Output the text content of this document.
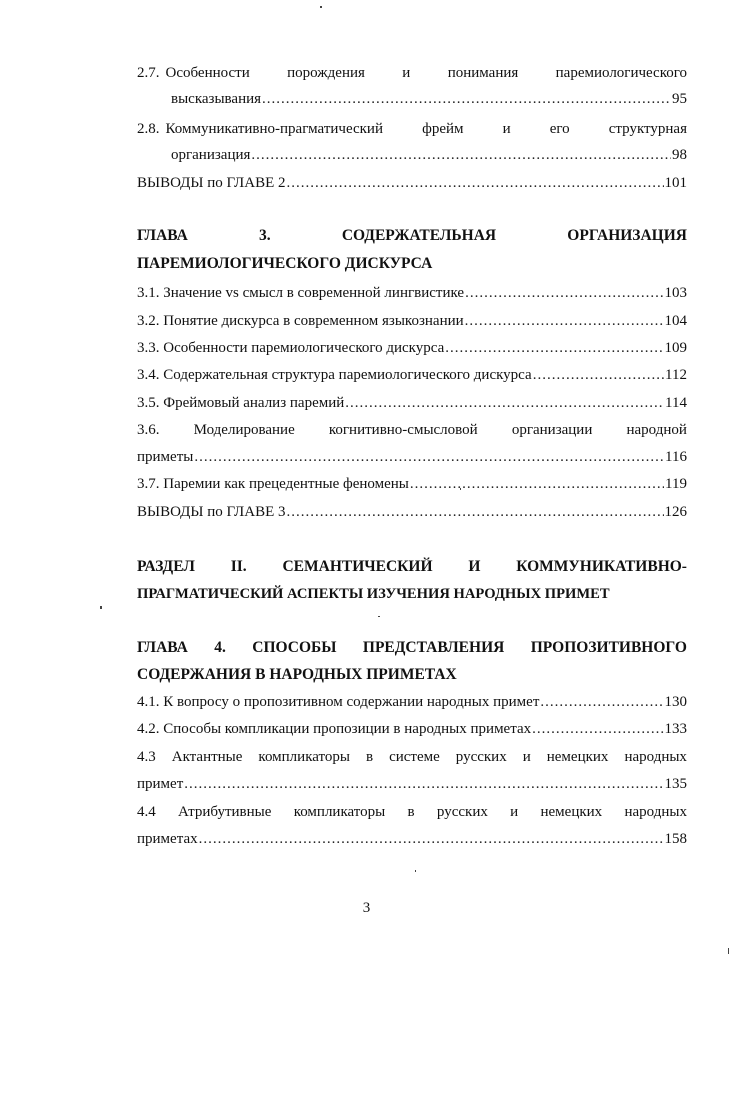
2.7. Особенности порождения и понимания паремиологического
высказывания .....	95
2.8. Коммуникативно-прагматический	фрейм	и	его	структурная
организация .....	98
ВЫВОДЫ по ГЛАВЕ 2 .....	101
ГЛАВА	3.	СОДЕРЖАТЕЛЬНАЯ	ОРГАНИЗАЦИЯ
ПАРЕМИОЛОГИЧЕСКОГО ДИСКУРСА
3.1. Значение vs смысл в современной лингвистике .....	103
3.2. Понятие дискурса в современном языкознании .....	104
3.3. Особенности паремиологического дискурса .....	109
3.4. Содержательная структура паремиологического дискурса .....	112
3.5. Фреймовый анализ паремий .....	114
3.6. Моделирование когнитивно-смысловой организации народной
приметы .....	116
3.7. Паремии как прецедентные феномены .....	119
ВЫВОДЫ по ГЛАВЕ 3 .....	126
РАЗДЕЛ II. СЕМАНТИЧЕСКИЙ И КОММУНИКАТИВНО-
ПРАГМАТИЧЕСКИЙ АСПЕКТЫ ИЗУЧЕНИЯ НАРОДНЫХ ПРИМЕТ
ГЛАВА 4. СПОСОБЫ ПРЕДСТАВЛЕНИЯ ПРОПОЗИТИВНОГО
СОДЕРЖАНИЯ В НАРОДНЫХ ПРИМЕТАХ
4.1. К вопросу о пропозитивном содержании народных примет .....	130
4.2. Способы компликации пропозиции в народных приметах .....	133
4.3 Актантные компликаторы в системе русских и немецких народных
примет .....	135
4.4 Атрибутивные компликаторы в русских и немецких народных
приметах .....	158
3
